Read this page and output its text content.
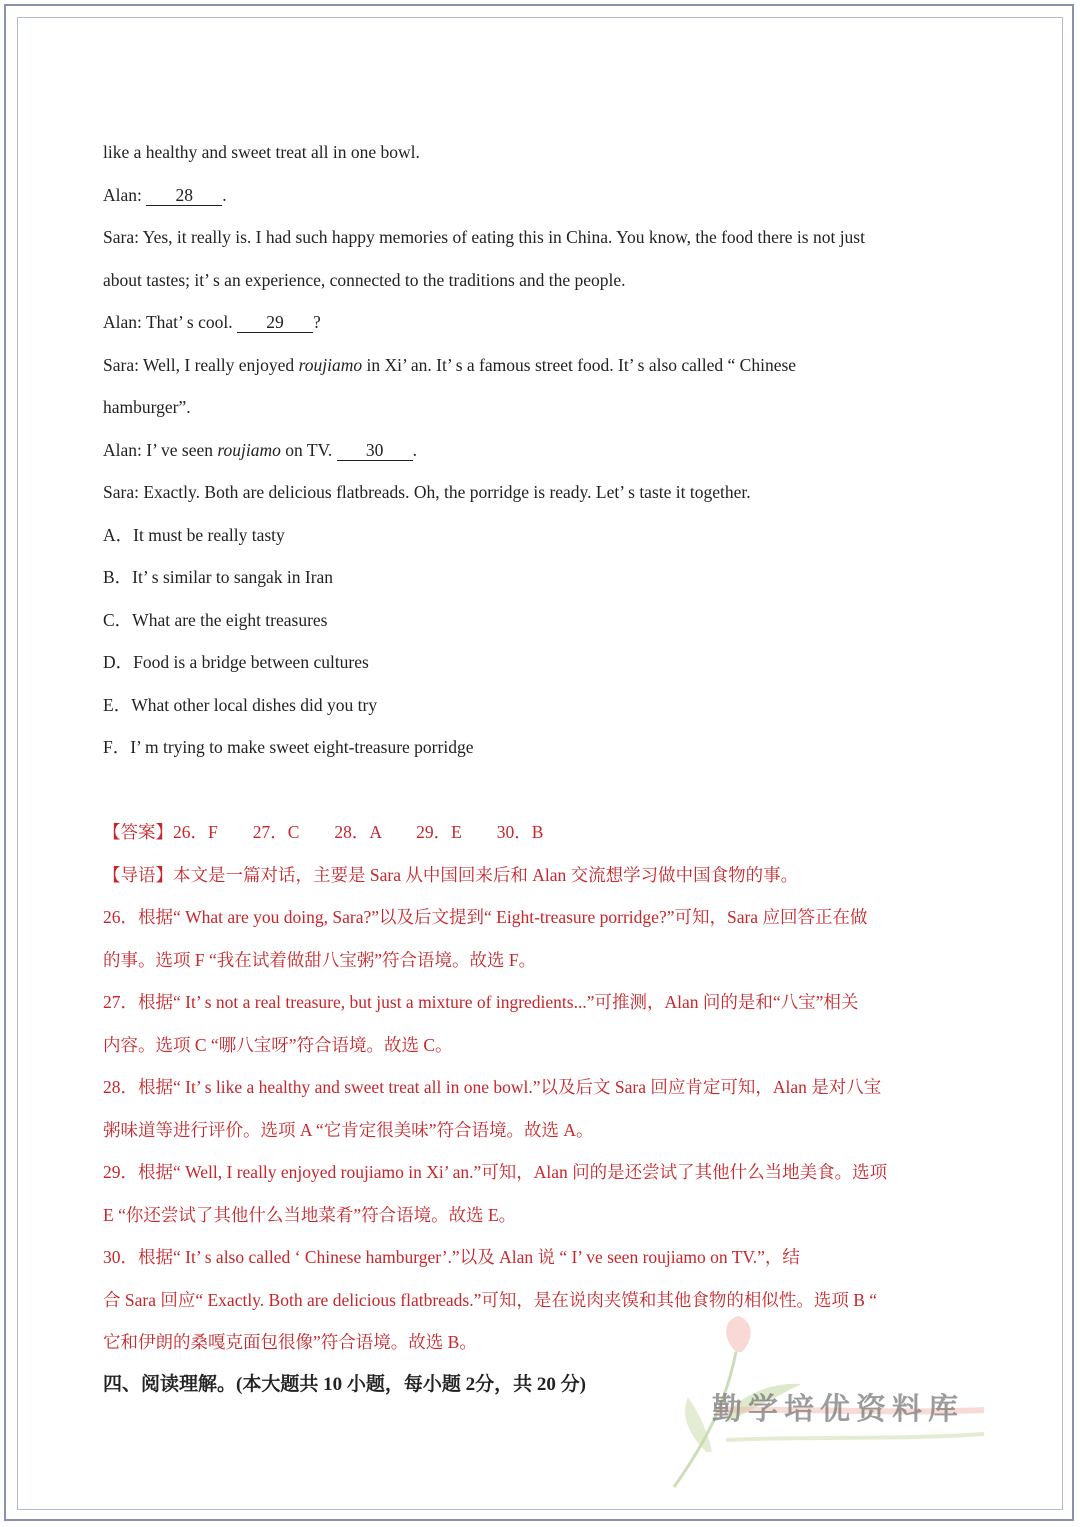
like a healthy and sweet treat all in one bowl.
Alan: 28 .
Sara: Yes, it really is. I had such happy memories of eating this in China. You know, the food there is not just
about tastes; it’ s an experience, connected to the traditions and the people.
Alan: That’ s cool. 29 ?
Sara: Well, I really enjoyed roujiamo in Xi’ an. It’ s a famous street food. It’ s also called “ Chinese
hamburger”.
Alan: I’ ve seen roujiamo on TV. 30 .
Sara: Exactly. Both are delicious flatbreads. Oh, the porridge is ready. Let’ s taste it together.
A．It must be really tasty
B．It’ s similar to sangak in Iran
C．What are the eight treasures
D．Food is a bridge between cultures
E．What other local dishes did you try
F．I’ m trying to make sweet eight-treasure porridge
【答案】26．F　　27．C　　28．A　　29．E　　30．B
【导语】本文是一篇对话，主要是 Sara 从中国回来后和 Alan 交流想学习做中国食物的事。
26．根据“ What are you doing, Sara?”以及后文提到“ Eight-treasure porridge?”可知，Sara 应回答正在做
的事。选项 F “我在试着做甜八宝粥”符合语境。故选 F。
27．根据“ It’ s not a real treasure, but just a mixture of ingredients...”可推测，Alan 问的是和“八宝”相关
内容。选项 C “哪八宝呀”符合语境。故选 C。
28．根据“ It’ s like a healthy and sweet treat all in one bowl.”以及后文 Sara 回应肯定可知，Alan 是对八宝
粥味道等进行评价。选项 A “它肯定很美味”符合语境。故选 A。
29．根据“ Well, I really enjoyed roujiamo in Xi’ an.”可知，Alan 问的是还尝试了其他什么当地美食。选项
E “你还尝试了其他什么当地菜肴”符合语境。故选 E。
30．根据“ It’ s also called ‘ Chinese hamburger’.”以及 Alan 说 “ I’ ve seen roujiamo on TV.”，结
合 Sara 回应“ Exactly. Both are delicious flatbreads.”可知，是在说肉夹馍和其他食物的相似性。选项 B “
它和伊朗的桑嘎克面包很像”符合语境。故选 B。
四、阅读理解。(本大题共 10 小题，每小题 2分，共 20 分)
勤学培优资料库
